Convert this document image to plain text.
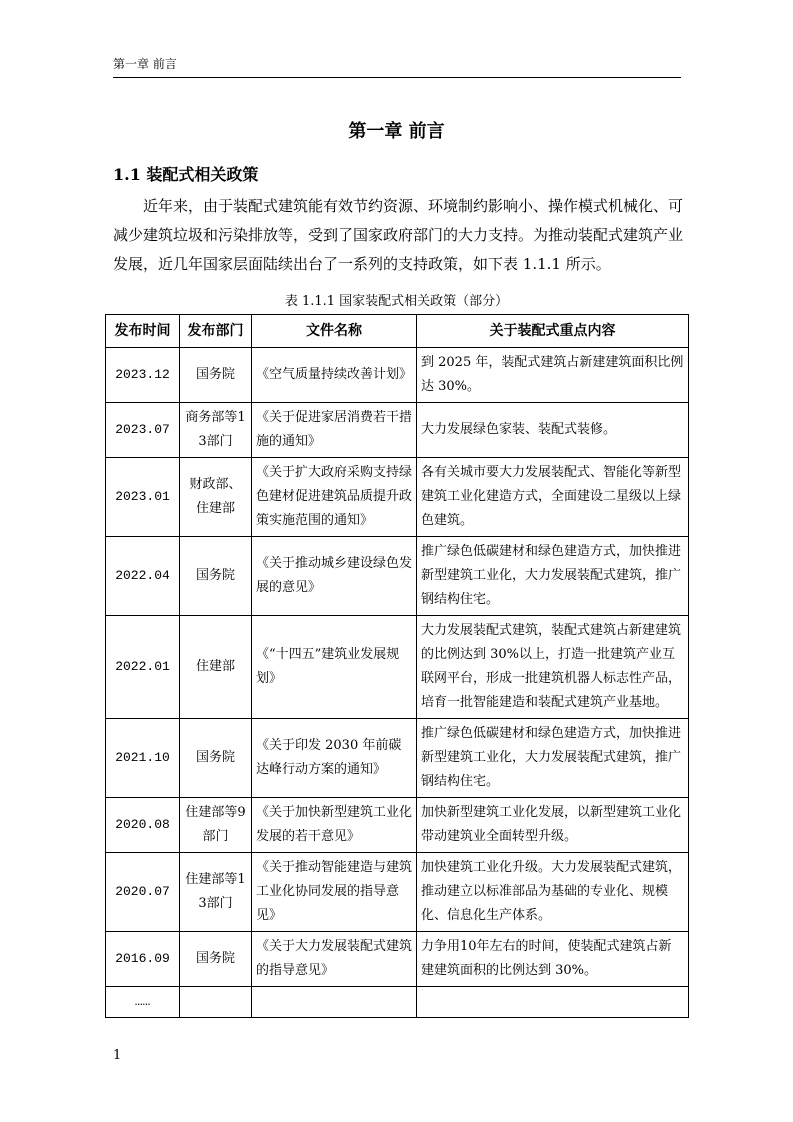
第一章 前言
第一章 前言
1.1 装配式相关政策

近年来，由于装配式建筑能有效节约资源、环境制约影响小、操作模式机械化、可减少建筑垃圾和污染排放等，受到了国家政府部门的大力支持。为推动装配式建筑产业发展，近几年国家层面陆续出台了一系列的支持政策，如下表 1.1.1 所示。

表 1.1.1 国家装配式相关政策（部分）
发布时间	发布部门	文件名称	关于装配式重点内容
2023.12	国务院	《空气质量持续改善计划》	到 2025 年，装配式建筑占新建建筑面积比例达 30%。
2023.07	商务部等13部门	《关于促进家居消费若干措施的通知》	大力发展绿色家装、装配式装修。
2023.01	财政部、住建部	《关于扩大政府采购支持绿色建材促进建筑品质提升政策实施范围的通知》	各有关城市要大力发展装配式、智能化等新型建筑工业化建造方式，全面建设二星级以上绿色建筑。
2022.04	国务院	《关于推动城乡建设绿色发展的意见》	推广绿色低碳建材和绿色建造方式，加快推进新型建筑工业化，大力发展装配式建筑，推广钢结构住宅。
2022.01	住建部	《“十四五”建筑业发展规划》	大力发展装配式建筑，装配式建筑占新建建筑的比例达到 30%以上，打造一批建筑产业互联网平台，形成一批建筑机器人标志性产品，培育一批智能建造和装配式建筑产业基地。
2021.10	国务院	《关于印发 2030 年前碳达峰行动方案的通知》	推广绿色低碳建材和绿色建造方式，加快推进新型建筑工业化，大力发展装配式建筑，推广钢结构住宅。
2020.08	住建部等9部门	《关于加快新型建筑工业化发展的若干意见》	加快新型建筑工业化发展，以新型建筑工业化带动建筑业全面转型升级。
2020.07	住建部等13部门	《关于推动智能建造与建筑工业化协同发展的指导意见》	加快建筑工业化升级。大力发展装配式建筑，推动建立以标准部品为基础的专业化、规模化、信息化生产体系。
2016.09	国务院	《关于大力发展装配式建筑的指导意见》	力争用10年左右的时间，使装配式建筑占新建建筑面积的比例达到 30%。
……			
1
